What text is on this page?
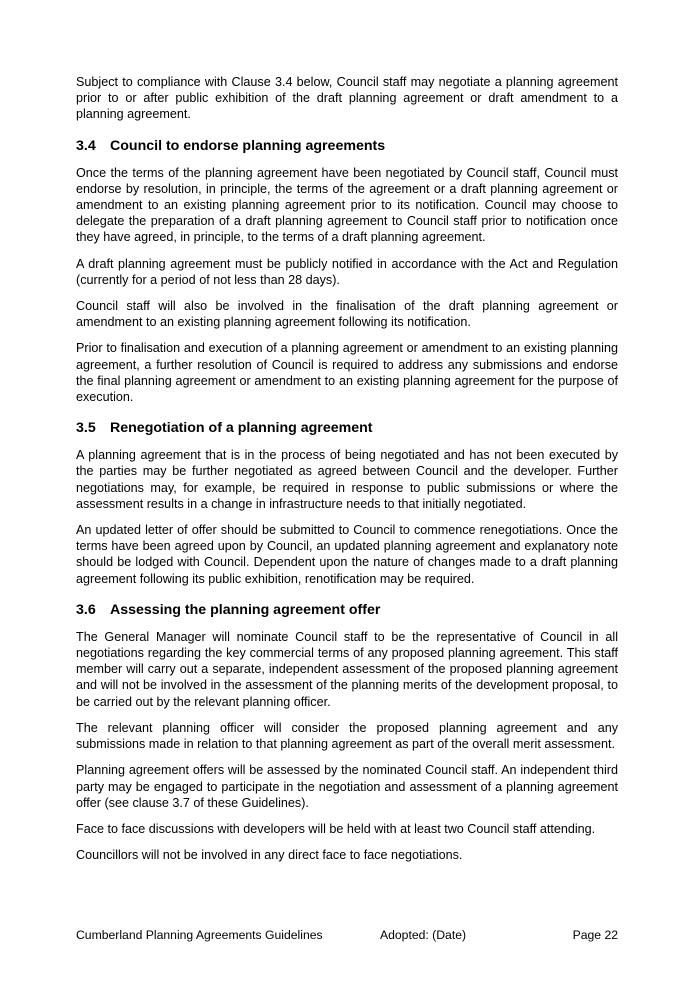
Subject to compliance with Clause 3.4 below, Council staff may negotiate a planning agreement prior to or after public exhibition of the draft planning agreement or draft amendment to a planning agreement.

3.4 Council to endorse planning agreements

Once the terms of the planning agreement have been negotiated by Council staff, Council must endorse by resolution, in principle, the terms of the agreement or a draft planning agreement or amendment to an existing planning agreement prior to its notification. Council may choose to delegate the preparation of a draft planning agreement to Council staff prior to notification once they have agreed, in principle, to the terms of a draft planning agreement.

A draft planning agreement must be publicly notified in accordance with the Act and Regulation (currently for a period of not less than 28 days).

Council staff will also be involved in the finalisation of the draft planning agreement or amendment to an existing planning agreement following its notification.

Prior to finalisation and execution of a planning agreement or amendment to an existing planning agreement, a further resolution of Council is required to address any submissions and endorse the final planning agreement or amendment to an existing planning agreement for the purpose of execution.

3.5 Renegotiation of a planning agreement

A planning agreement that is in the process of being negotiated and has not been executed by the parties may be further negotiated as agreed between Council and the developer. Further negotiations may, for example, be required in response to public submissions or where the assessment results in a change in infrastructure needs to that initially negotiated.

An updated letter of offer should be submitted to Council to commence renegotiations. Once the terms have been agreed upon by Council, an updated planning agreement and explanatory note should be lodged with Council. Dependent upon the nature of changes made to a draft planning agreement following its public exhibition, renotification may be required.

3.6 Assessing the planning agreement offer

The General Manager will nominate Council staff to be the representative of Council in all negotiations regarding the key commercial terms of any proposed planning agreement. This staff member will carry out a separate, independent assessment of the proposed planning agreement and will not be involved in the assessment of the planning merits of the development proposal, to be carried out by the relevant planning officer.

The relevant planning officer will consider the proposed planning agreement and any submissions made in relation to that planning agreement as part of the overall merit assessment.

Planning agreement offers will be assessed by the nominated Council staff. An independent third party may be engaged to participate in the negotiation and assessment of a planning agreement offer (see clause 3.7 of these Guidelines).

Face to face discussions with developers will be held with at least two Council staff attending.

Councillors will not be involved in any direct face to face negotiations.

Cumberland Planning Agreements Guidelines	Adopted: (Date)	Page 22
